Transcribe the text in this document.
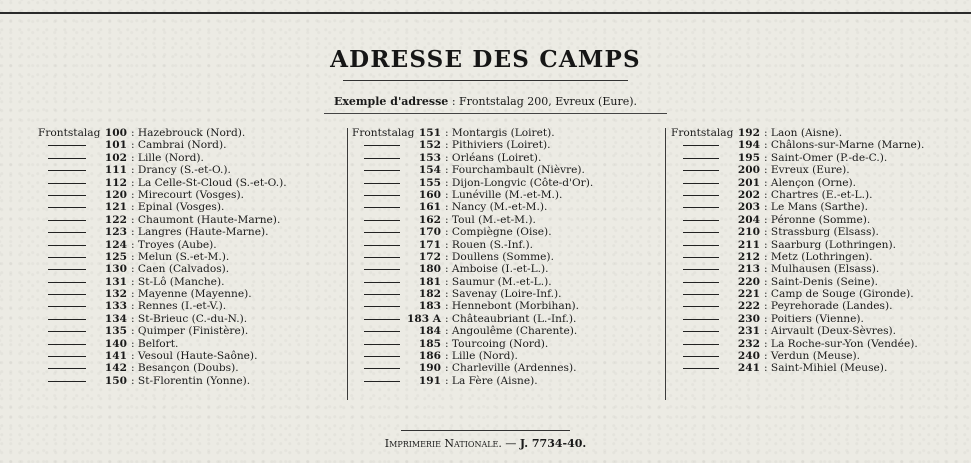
ADRESSE DES CAMPS
Exemple d'adresse : Frontstalag 200, Evreux (Eure).
Frontstalag 100 : Hazebrouck (Nord).
101 : Cambrai (Nord).
102 : Lille (Nord).
111 : Drancy (S.-et-O.).
112 : La Celle-St-Cloud (S.-et-O.).
120 : Mirecourt (Vosges).
121 : Epinal (Vosges).
122 : Chaumont (Haute-Marne).
123 : Langres (Haute-Marne).
124 : Troyes (Aube).
125 : Melun (S.-et-M.).
130 : Caen (Calvados).
131 : St-Lô (Manche).
132 : Mayenne (Mayenne).
133 : Rennes (I.-et-V.).
134 : St-Brieuc (C.-du-N.).
135 : Quimper (Finistère).
140 : Belfort.
141 : Vesoul (Haute-Saône).
142 : Besançon (Doubs).
150 : St-Florentin (Yonne).
Frontstalag 151 : Montargis (Loiret).
152 : Pithiviers (Loiret).
153 : Orléans (Loiret).
154 : Fourchambault (Nièvre).
155 : Dijon-Longvic (Côte-d'Or).
160 : Lunéville (M.-et-M.).
161 : Nancy (M.-et-M.).
162 : Toul (M.-et-M.).
170 : Compiègne (Oise).
171 : Rouen (S.-Inf.).
172 : Doullens (Somme).
180 : Amboise (I.-et-L.).
181 : Saumur (M.-et-L.).
182 : Savenay (Loire-Inf.).
183 : Hennebont (Morbihan).
183 A : Châteaubriant (L.-Inf.).
184 : Angoulême (Charente).
185 : Tourcoing (Nord).
186 : Lille (Nord).
190 : Charleville (Ardennes).
191 : La Fère (Aisne).
Frontstalag 192 : Laon (Aisne).
194 : Châlons-sur-Marne (Marne).
195 : Saint-Omer (P.-de-C.).
200 : Evreux (Eure).
201 : Alençon (Orne).
202 : Chartres (E.-et-L.).
203 : Le Mans (Sarthe).
204 : Péronne (Somme).
210 : Strassburg (Elsass).
211 : Saarburg (Lothringen).
212 : Metz (Lothringen).
213 : Mulhausen (Elsass).
220 : Saint-Denis (Seine).
221 : Camp de Souge (Gironde).
222 : Peyrehorade (Landes).
230 : Poitiers (Vienne).
231 : Airvault (Deux-Sèvres).
232 : La Roche-sur-Yon (Vendée).
240 : Verdun (Meuse).
241 : Saint-Mihiel (Meuse).
Imprimerie Nationale. — J. 7734-40.
